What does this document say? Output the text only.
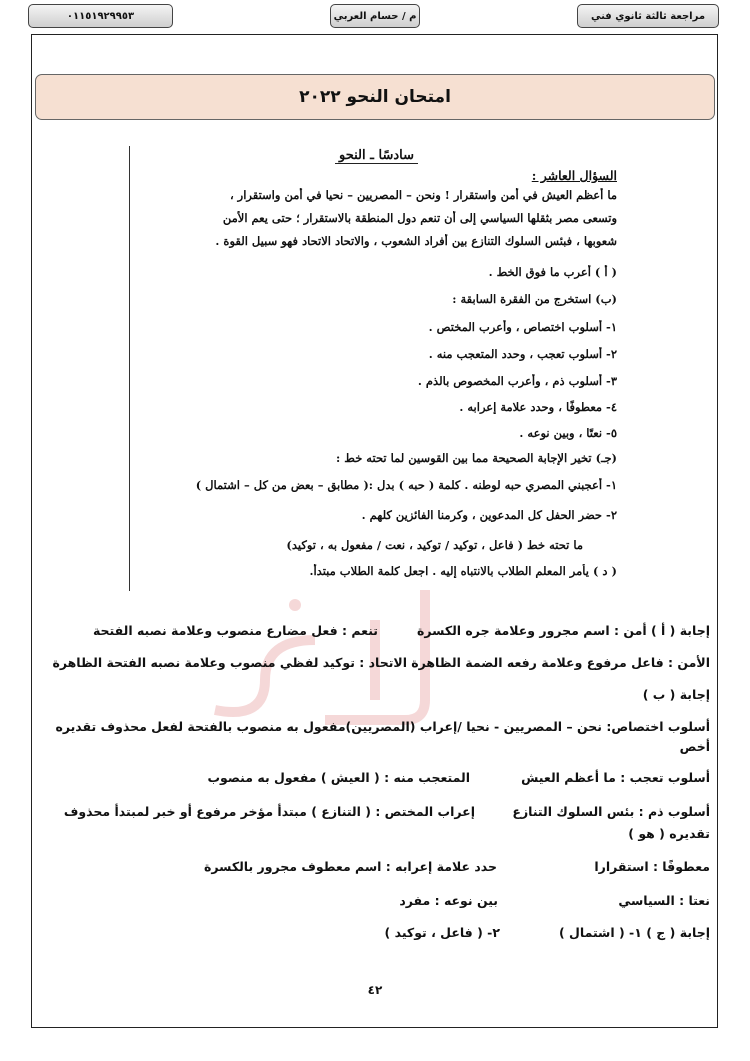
٠١١٥١٩٢٩٩٥٣	م / حسام العربي	مراجعة ثالثة ثانوي فني
امتحان النحو ٢٠٢٢
سادسًا ـ النحو
السؤال العاشر :
ما أعظم العيش في أمن واستقرار ! ونحن – المصريين – نحيا في أمن واستقرار ،
وتسعى مصر بثقلها السياسي إلى أن تنعم دول المنطقة بالاستقرار ؛ حتى يعم الأمن
شعوبها ، فبئس السلوك التنازع بين أفراد الشعوب ، والاتحاد الاتحاد فهو سبيل القوة .
( أ ) أعرب ما فوق الخط .
(ب) استخرج من الفقرة السابقة :
١- أسلوب اختصاص ، وأعرب المختص .
٢- أسلوب تعجب ، وحدد المتعجب منه .
٣- أسلوب ذم ، وأعرب المخصوص بالذم .
٤- معطوفًا ، وحدد علامة إعرابه .
٥- نعتًا ، وبين نوعه .
(جـ) تخير الإجابة الصحيحة مما بين القوسين لما تحته خط :
١- أعجبني المصري حبه لوطنه . كلمة ( حبه ) بدل :( مطابق – بعض من كل – اشتمال )
٢- حضر الحفل كل المدعوين ، وكرمنا الفائزين كلهم .
ما تحته خط ( فاعل ، توكيد / توكيد ، نعت / مفعول به ، توكيد)
( د ) يأمر المعلم الطلاب بالانتباه إليه . اجعل كلمة الطلاب مبتدأ.
إجابة ( أ ) أمن : اسم مجرور وعلامة جره الكسرة
تنعم : فعل مضارع منصوب وعلامة نصبه الفتحة
الأمن : فاعل مرفوع وعلامة رفعه الضمة الظاهرة
الاتحاد : توكيد لفظي منصوب وعلامة نصبه الفتحة الظاهرة
إجابة ( ب )
أسلوب اختصاص: نحن – المصريين - نحيا /إعراب (المصريين)مفعول به منصوب بالفتحة لفعل محذوف تقديره
أخص
أسلوب تعجب : ما أعظم العيش
المتعجب منه : ( العيش ) مفعول به منصوب
أسلوب ذم : بئس السلوك التنازع
إعراب المختص : ( التنازع ) مبتدأ مؤخر مرفوع أو خبر لمبتدأ محذوف
تقديره ( هو )
معطوفًا : استقرارا
حدد علامة إعرابه : اسم معطوف مجرور بالكسرة
نعتا : السياسي
بين نوعه : مفرد
إجابة ( ج ) ١- ( اشتمال )
٢- ( فاعل ، توكيد )
٤٢
